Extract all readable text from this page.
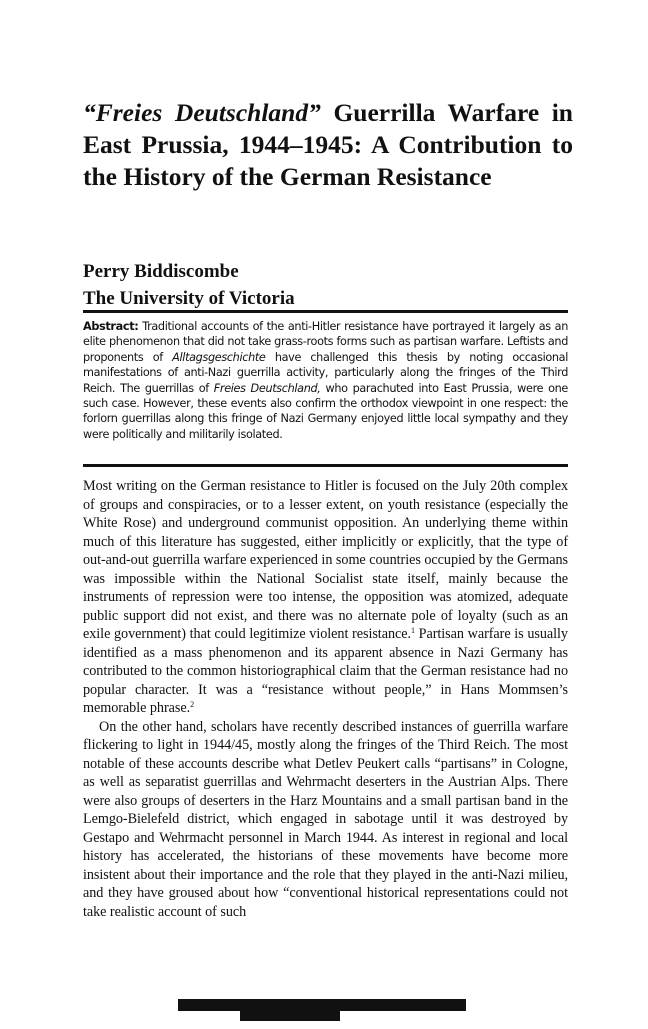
“Freies Deutschland” Guerrilla Warfare in East Prussia, 1944–1945: A Contribution to the History of the German Resistance
Perry Biddiscombe
The University of Victoria

Abstract: Traditional accounts of the anti-Hitler resistance have portrayed it largely as an elite phenomenon that did not take grass-roots forms such as partisan warfare. Leftists and proponents of Alltagsgeschichte have challenged this thesis by noting occasional manifestations of anti-Nazi guerrilla activity, particularly along the fringes of the Third Reich. The guerrillas of Freies Deutschland, who parachuted into East Prussia, were one such case. However, these events also confirm the orthodox viewpoint in one respect: the forlorn guerrillas along this fringe of Nazi Germany enjoyed little local sympathy and they were politically and militarily isolated.

Most writing on the German resistance to Hitler is focused on the July 20th complex of groups and conspiracies, or to a lesser extent, on youth resistance (especially the White Rose) and underground communist opposition. An underlying theme within much of this literature has suggested, either implicitly or explicitly, that the type of out-and-out guerrilla warfare experienced in some countries occupied by the Germans was impossible within the National Socialist state itself, mainly because the instruments of repression were too intense, the opposition was atomized, adequate public support did not exist, and there was no alternate pole of loyalty (such as an exile government) that could legitimize violent resistance.$^1$ Partisan warfare is usually identified as a mass phenomenon and its apparent absence in Nazi Germany has contributed to the common historiographical claim that the German resistance had no popular character. It was a “resistance without people,” in Hans Mommsen’s memorable phrase.$^2$

On the other hand, scholars have recently described instances of guerrilla warfare flickering to light in 1944/45, mostly along the fringes of the Third Reich. The most notable of these accounts describe what Detlev Peukert calls “partisans” in Cologne, as well as separatist guerrillas and Wehrmacht deserters in the Austrian Alps. There were also groups of deserters in the Harz Mountains and a small partisan band in the Lemgo-Bielefeld district, which engaged in sabotage until it was destroyed by Gestapo and Wehrmacht personnel in March 1944. As interest in regional and local history has accelerated, the historians of these movements have become more insistent about their importance and the role that they played in the anti-Nazi milieu, and they have groused about how “conventional historical representations could not take realistic account of such
